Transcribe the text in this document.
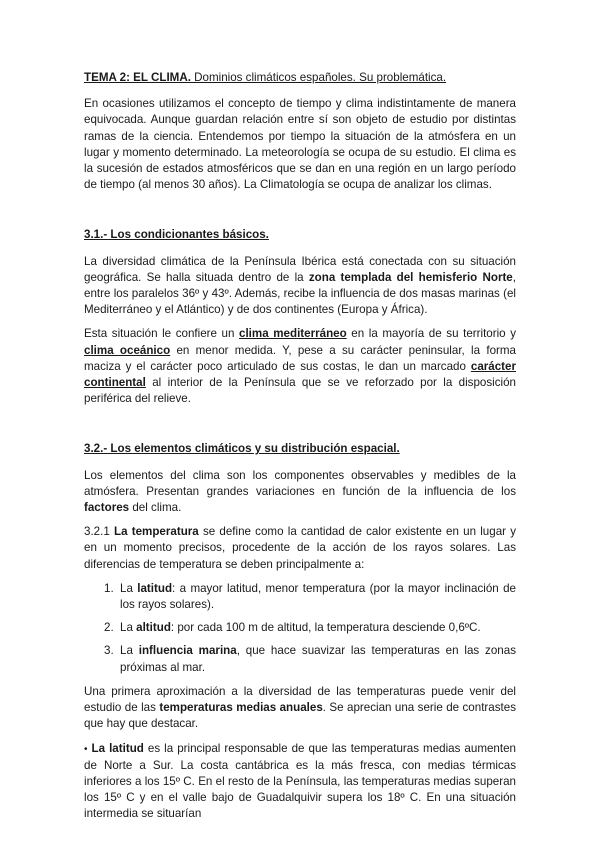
TEMA 2: EL CLIMA. Dominios climáticos españoles. Su problemática.

En ocasiones utilizamos el concepto de tiempo y clima indistintamente de manera equivocada. Aunque guardan relación entre sí son objeto de estudio por distintas ramas de la ciencia. Entendemos por tiempo la situación de la atmósfera en un lugar y momento determinado. La meteorología se ocupa de su estudio. El clima es la sucesión de estados atmosféricos que se dan en una región en un largo período de tiempo (al menos 30 años). La Climatología se ocupa de analizar los climas.

3.1.- Los condicionantes básicos.

La diversidad climática de la Península Ibérica está conectada con su situación geográfica. Se halla situada dentro de la zona templada del hemisferio Norte, entre los paralelos 36º y 43º. Además, recibe la influencia de dos masas marinas (el Mediterráneo y el Atlántico) y de dos continentes (Europa y África).

Esta situación le confiere un clima mediterráneo en la mayoría de su territorio y clima oceánico en menor medida. Y, pese a su carácter peninsular, la forma maciza y el carácter poco articulado de sus costas, le dan un marcado carácter continental al interior de la Península que se ve reforzado por la disposición periférica del relieve.

3.2.- Los elementos climáticos y su distribución espacial.

Los elementos del clima son los componentes observables y medibles de la atmósfera. Presentan grandes variaciones en función de la influencia de los factores del clima.

3.2.1 La temperatura se define como la cantidad de calor existente en un lugar y en un momento precisos, procedente de la acción de los rayos solares. Las diferencias de temperatura se deben principalmente a:

1. La latitud: a mayor latitud, menor temperatura (por la mayor inclinación de los rayos solares).
2. La altitud: por cada 100 m de altitud, la temperatura desciende 0,6ºC.
3. La influencia marina, que hace suavizar las temperaturas en las zonas próximas al mar.

Una primera aproximación a la diversidad de las temperaturas puede venir del estudio de las temperaturas medias anuales. Se aprecian una serie de contrastes que hay que destacar.

• La latitud es la principal responsable de que las temperaturas medias aumenten de Norte a Sur. La costa cantábrica es la más fresca, con medias térmicas inferiores a los 15º C. En el resto de la Península, las temperaturas medias superan los 15º C y en el valle bajo de Guadalquivir supera los 18º C. En una situación intermedia se situarían
